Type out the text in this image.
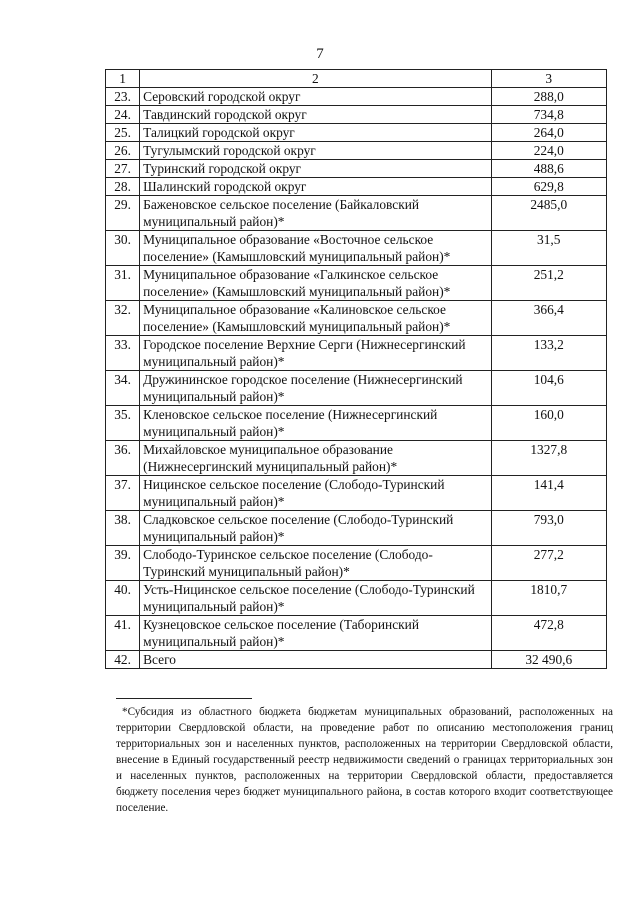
7
1	2	3
23.	Серовский городской округ	288,0
24.	Тавдинский городской округ	734,8
25.	Талицкий городской округ	264,0
26.	Тугулымский городской округ	224,0
27.	Туринский городской округ	488,6
28.	Шалинский городской округ	629,8
29.	Баженовское сельское поселение (Байкаловский муниципальный район)*	2485,0
30.	Муниципальное образование «Восточное сельское поселение» (Камышловский муниципальный район)*	31,5
31.	Муниципальное образование «Галкинское сельское поселение» (Камышловский муниципальный район)*	251,2
32.	Муниципальное образование «Калиновское сельское поселение» (Камышловский муниципальный район)*	366,4
33.	Городское поселение Верхние Серги (Нижнесергинский муниципальный район)*	133,2
34.	Дружининское городское поселение (Нижнесергинский муниципальный район)*	104,6
35.	Кленовское сельское поселение (Нижнесергинский муниципальный район)*	160,0
36.	Михайловское муниципальное образование (Нижнесергинский муниципальный район)*	1327,8
37.	Ницинское сельское поселение (Слободо-Туринский муниципальный район)*	141,4
38.	Сладковское сельское поселение (Слободо-Туринский муниципальный район)*	793,0
39.	Слободо-Туринское сельское поселение (Слободо-Туринский муниципальный район)*	277,2
40.	Усть-Ницинское сельское поселение (Слободо-Туринский муниципальный район)*	1810,7
41.	Кузнецовское сельское поселение (Таборинский муниципальный район)*	472,8
42.	Всего	32 490,6
*Субсидия из областного бюджета бюджетам муниципальных образований, расположенных на территории Свердловской области, на проведение работ по описанию местоположения границ территориальных зон и населенных пунктов, расположенных на территории Свердловской области, внесение в Единый государственный реестр недвижимости сведений о границах территориальных зон и населенных пунктов, расположенных на территории Свердловской области, предоставляется бюджету поселения через бюджет муниципального района, в состав которого входит соответствующее поселение.
